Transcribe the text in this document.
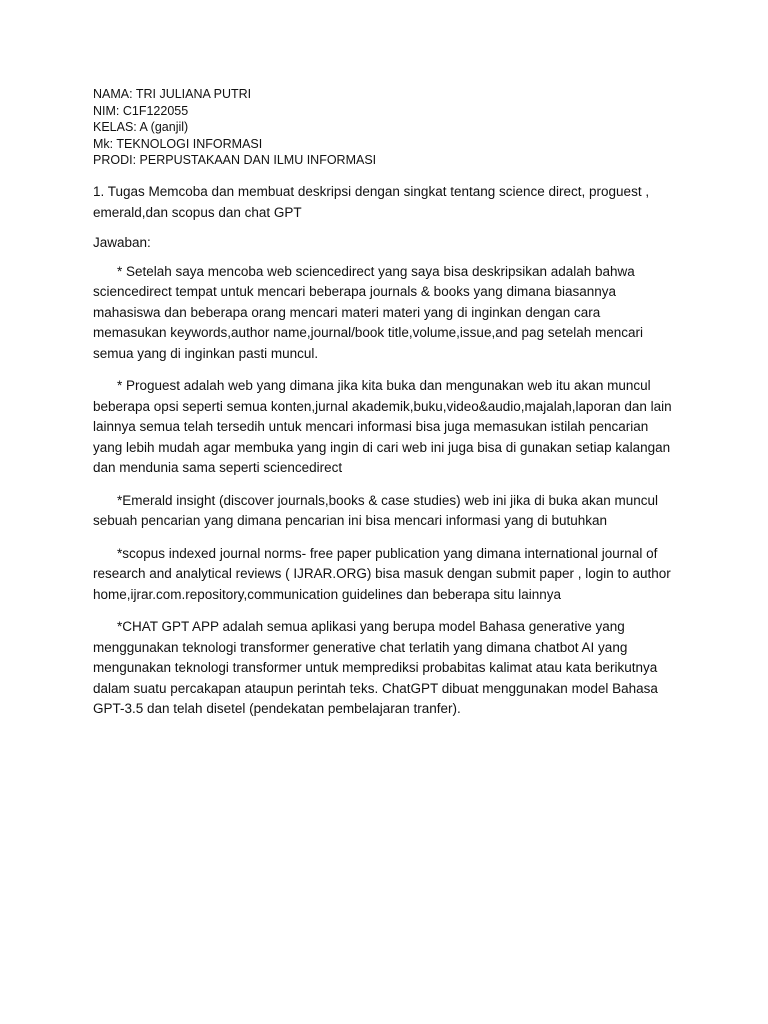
NAMA: TRI JULIANA PUTRI
NIM: C1F122055
KELAS: A (ganjil)
Mk: TEKNOLOGI INFORMASI
PRODI: PERPUSTAKAAN DAN ILMU INFORMASI

1. Tugas Memcoba dan membuat deskripsi dengan singkat tentang science direct, proguest , emerald,dan scopus dan chat GPT

Jawaban:

* Setelah saya mencoba web sciencedirect yang saya bisa deskripsikan adalah bahwa sciencedirect tempat untuk mencari beberapa journals & books yang dimana biasannya mahasiswa dan beberapa orang mencari materi materi yang di inginkan dengan cara memasukan keywords,author name,journal/book title,volume,issue,and pag setelah mencari semua yang di inginkan pasti muncul.

* Proguest adalah web yang dimana jika kita buka dan mengunakan web itu akan muncul beberapa opsi seperti semua konten,jurnal akademik,buku,video&audio,majalah,laporan dan lain lainnya semua telah tersedih untuk mencari informasi bisa juga memasukan istilah pencarian yang lebih mudah agar membuka yang ingin di cari web ini juga bisa di gunakan setiap kalangan dan mendunia sama seperti sciencedirect

*Emerald insight (discover journals,books & case studies) web ini jika di buka akan muncul sebuah pencarian yang dimana pencarian ini bisa mencari informasi yang di butuhkan

*scopus indexed journal norms- free paper publication yang dimana international journal of research and analytical reviews ( IJRAR.ORG) bisa masuk dengan submit paper , login to author home,ijrar.com.repository,communication guidelines dan beberapa situ lainnya

*CHAT GPT APP adalah semua aplikasi yang berupa model Bahasa generative yang menggunakan teknologi transformer generative chat terlatih yang dimana chatbot AI yang mengunakan teknologi transformer untuk memprediksi probabitas kalimat atau kata berikutnya dalam suatu percakapan ataupun perintah teks. ChatGPT dibuat menggunakan model Bahasa GPT-3.5 dan telah disetel (pendekatan pembelajaran tranfer).
